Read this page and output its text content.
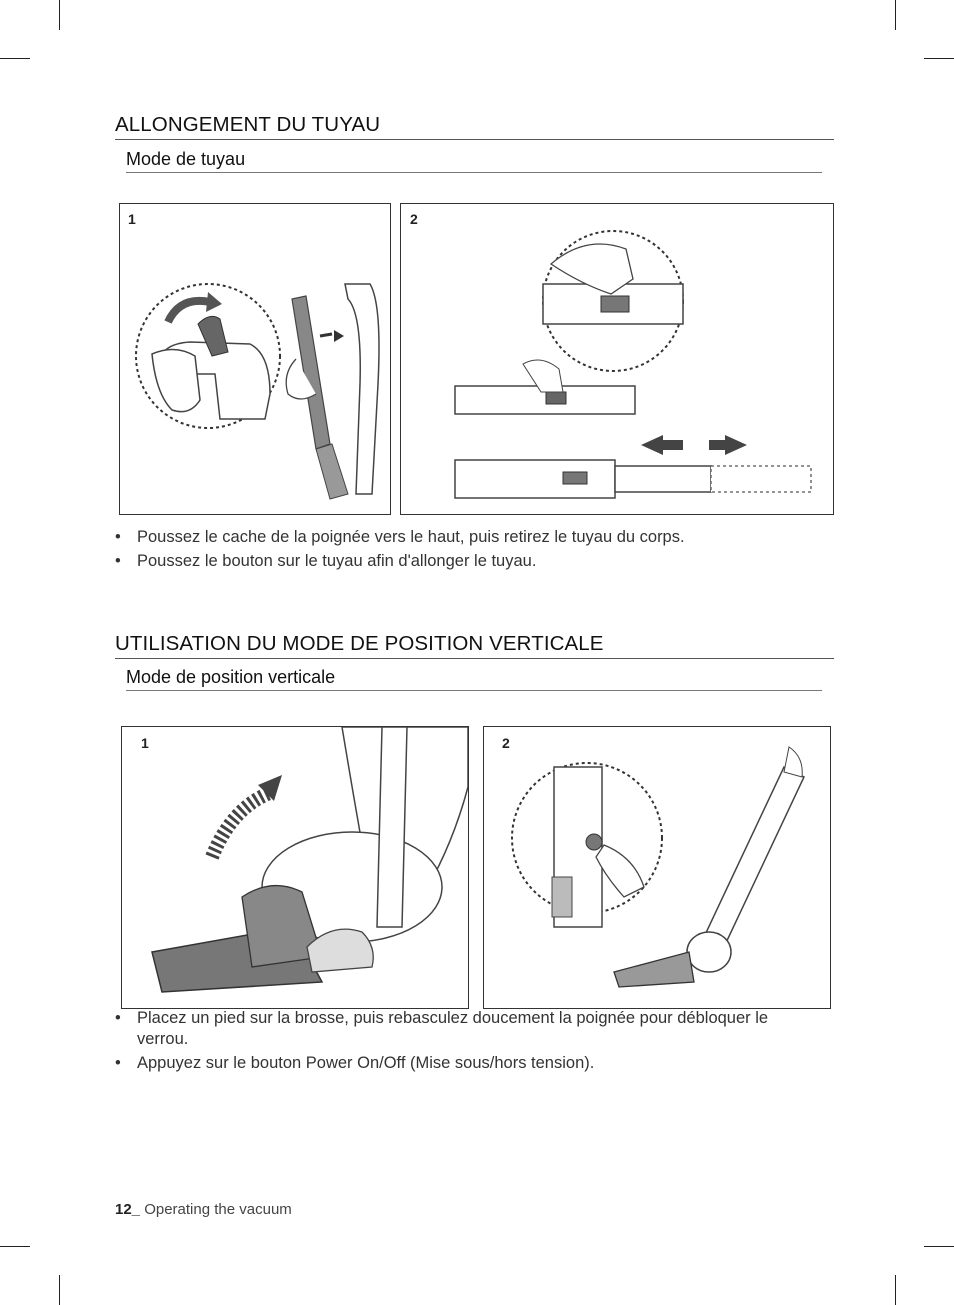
ALLONGEMENT DU TUYAU
Mode de tuyau
1	2
• Poussez le cache de la poignée vers le haut, puis retirez le tuyau du corps.
• Poussez le bouton sur le tuyau afin d'allonger le tuyau.
UTILISATION DU MODE DE POSITION VERTICALE
Mode de position verticale
1	2
• Placez un pied sur la brosse, puis rebasculez doucement la poignée pour débloquer le verrou.
• Appuyez sur le bouton Power On/Off (Mise sous/hors tension).
12_ Operating the vacuum
